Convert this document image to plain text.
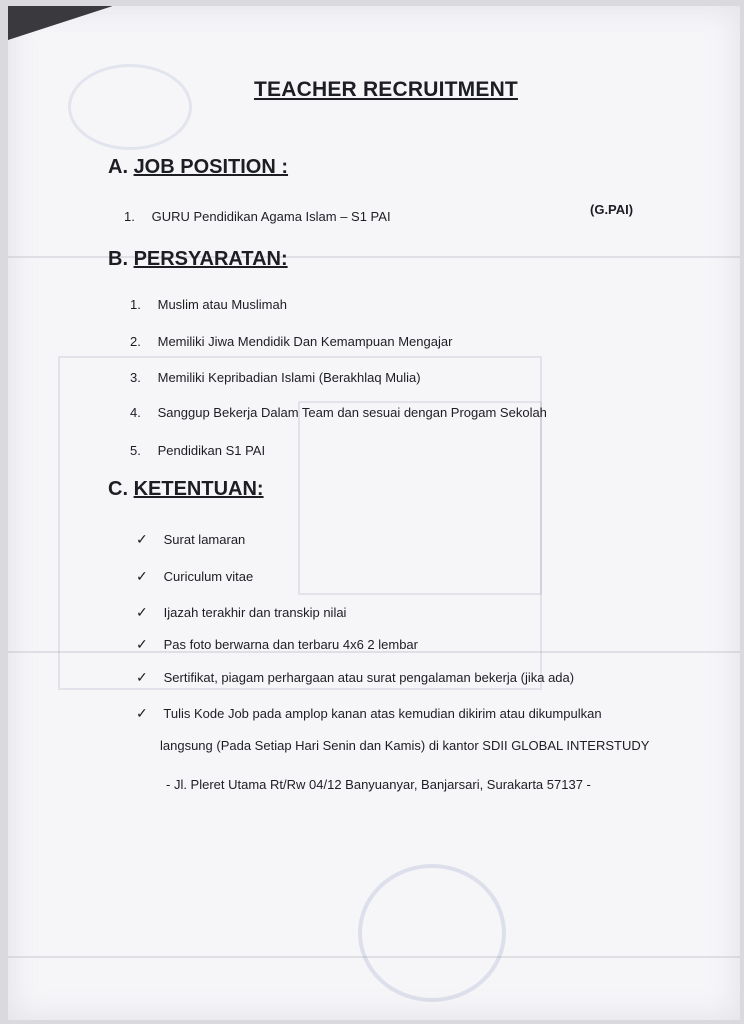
TEACHER RECRUITMENT
A. JOB POSITION :
1. GURU Pendidikan Agama Islam – S1 PAI	(G.PAI)
B. PERSYARATAN:
1. Muslim atau Muslimah
2. Memiliki Jiwa Mendidik Dan Kemampuan Mengajar
3. Memiliki Kepribadian Islami (Berakhlaq Mulia)
4. Sanggup Bekerja Dalam Team dan sesuai dengan Progam Sekolah
5. Pendidikan S1 PAI
C. KETENTUAN:
✓ Surat lamaran
✓ Curiculum vitae
✓ Ijazah terakhir dan transkip nilai
✓ Pas foto berwarna dan terbaru 4x6 2 lembar
✓ Sertifikat, piagam perhargaan atau surat pengalaman bekerja (jika ada)
✓ Tulis Kode Job pada amplop kanan atas kemudian dikirim atau dikumpulkan
langsung (Pada Setiap Hari Senin dan Kamis) di kantor SDII GLOBAL INTERSTUDY
- Jl. Pleret Utama Rt/Rw 04/12 Banyuanyar, Banjarsari, Surakarta 57137 -
